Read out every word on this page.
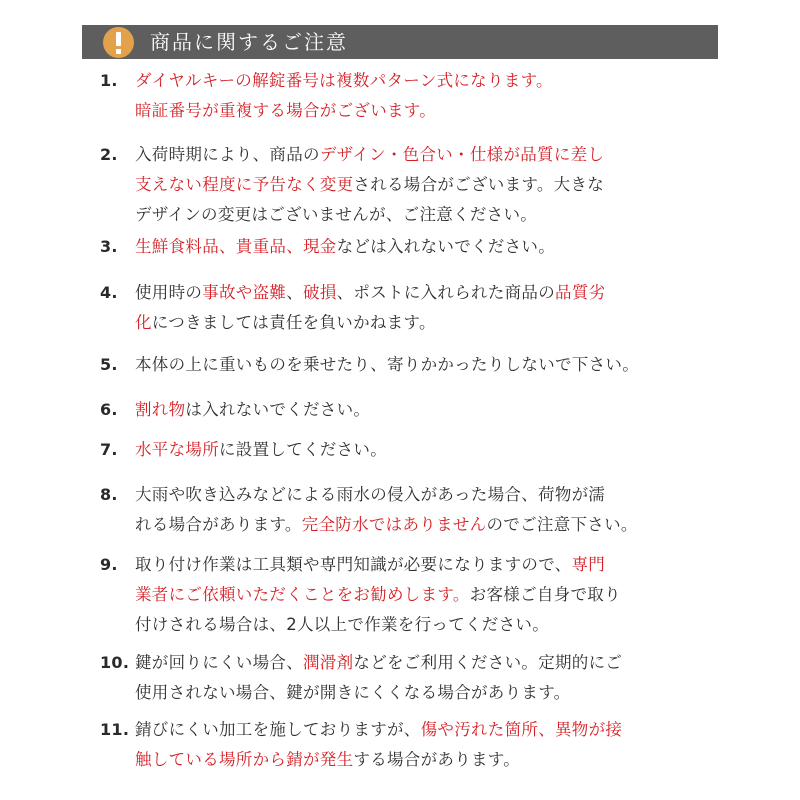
商品に関するご注意
1. ダイヤルキーの解錠番号は複数パターン式になります。
暗証番号が重複する場合がございます。
2. 入荷時期により、商品のデザイン・色合い・仕様が品質に差し
支えない程度に予告なく変更される場合がございます。大きな
デザインの変更はございませんが、ご注意ください。
3. 生鮮食料品、貴重品、現金などは入れないでください。
4. 使用時の事故や盗難、破損、ポストに入れられた商品の品質劣
化につきましては責任を負いかねます。
5. 本体の上に重いものを乗せたり、寄りかかったりしないで下さい。
6. 割れ物は入れないでください。
7. 水平な場所に設置してください。
8. 大雨や吹き込みなどによる雨水の侵入があった場合、荷物が濡
れる場合があります。完全防水ではありませんのでご注意下さい。
9. 取り付け作業は工具類や専門知識が必要になりますので、専門
業者にご依頼いただくことをお勧めします。お客様ご自身で取り
付けされる場合は、2人以上で作業を行ってください。
10. 鍵が回りにくい場合、潤滑剤などをご利用ください。定期的にご
使用されない場合、鍵が開きにくくなる場合があります。
11. 錆びにくい加工を施しておりますが、傷や汚れた箇所、異物が接
触している場所から錆が発生する場合があります。
